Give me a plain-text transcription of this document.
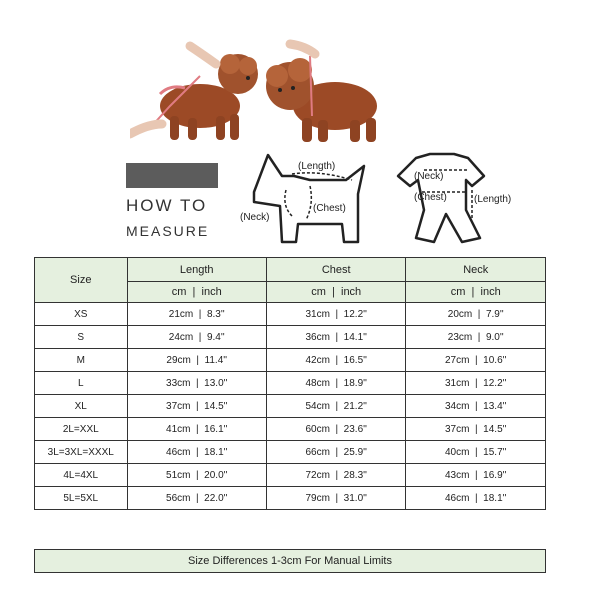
HOW TO
MEASURE
(Length)
(Neck)
(Chest)
(Neck)
(Chest)	(Length)
Size	Length	Chest	Neck
	cm  |  inch	cm  |  inch	cm  |  inch
XS	21cm  |  8.3''	31cm  |  12.2''	20cm  |  7.9''
S	24cm  |  9.4''	36cm  |  14.1''	23cm  |  9.0''
M	29cm  |  11.4''	42cm  |  16.5''	27cm  |  10.6''
L	33cm  |  13.0''	48cm  |  18.9''	31cm  |  12.2''
XL	37cm  |  14.5''	54cm  |  21.2''	34cm  |  13.4''
2L=XXL	41cm  |  16.1''	60cm  |  23.6''	37cm  |  14.5''
3L=3XL=XXXL	46cm  |  18.1''	66cm  |  25.9''	40cm  |  15.7''
4L=4XL	51cm  |  20.0''	72cm  |  28.3''	43cm  |  16.9''
5L=5XL	56cm  |  22.0''	79cm  |  31.0''	46cm  |  18.1''
Size Differences 1-3cm For Manual Limits
